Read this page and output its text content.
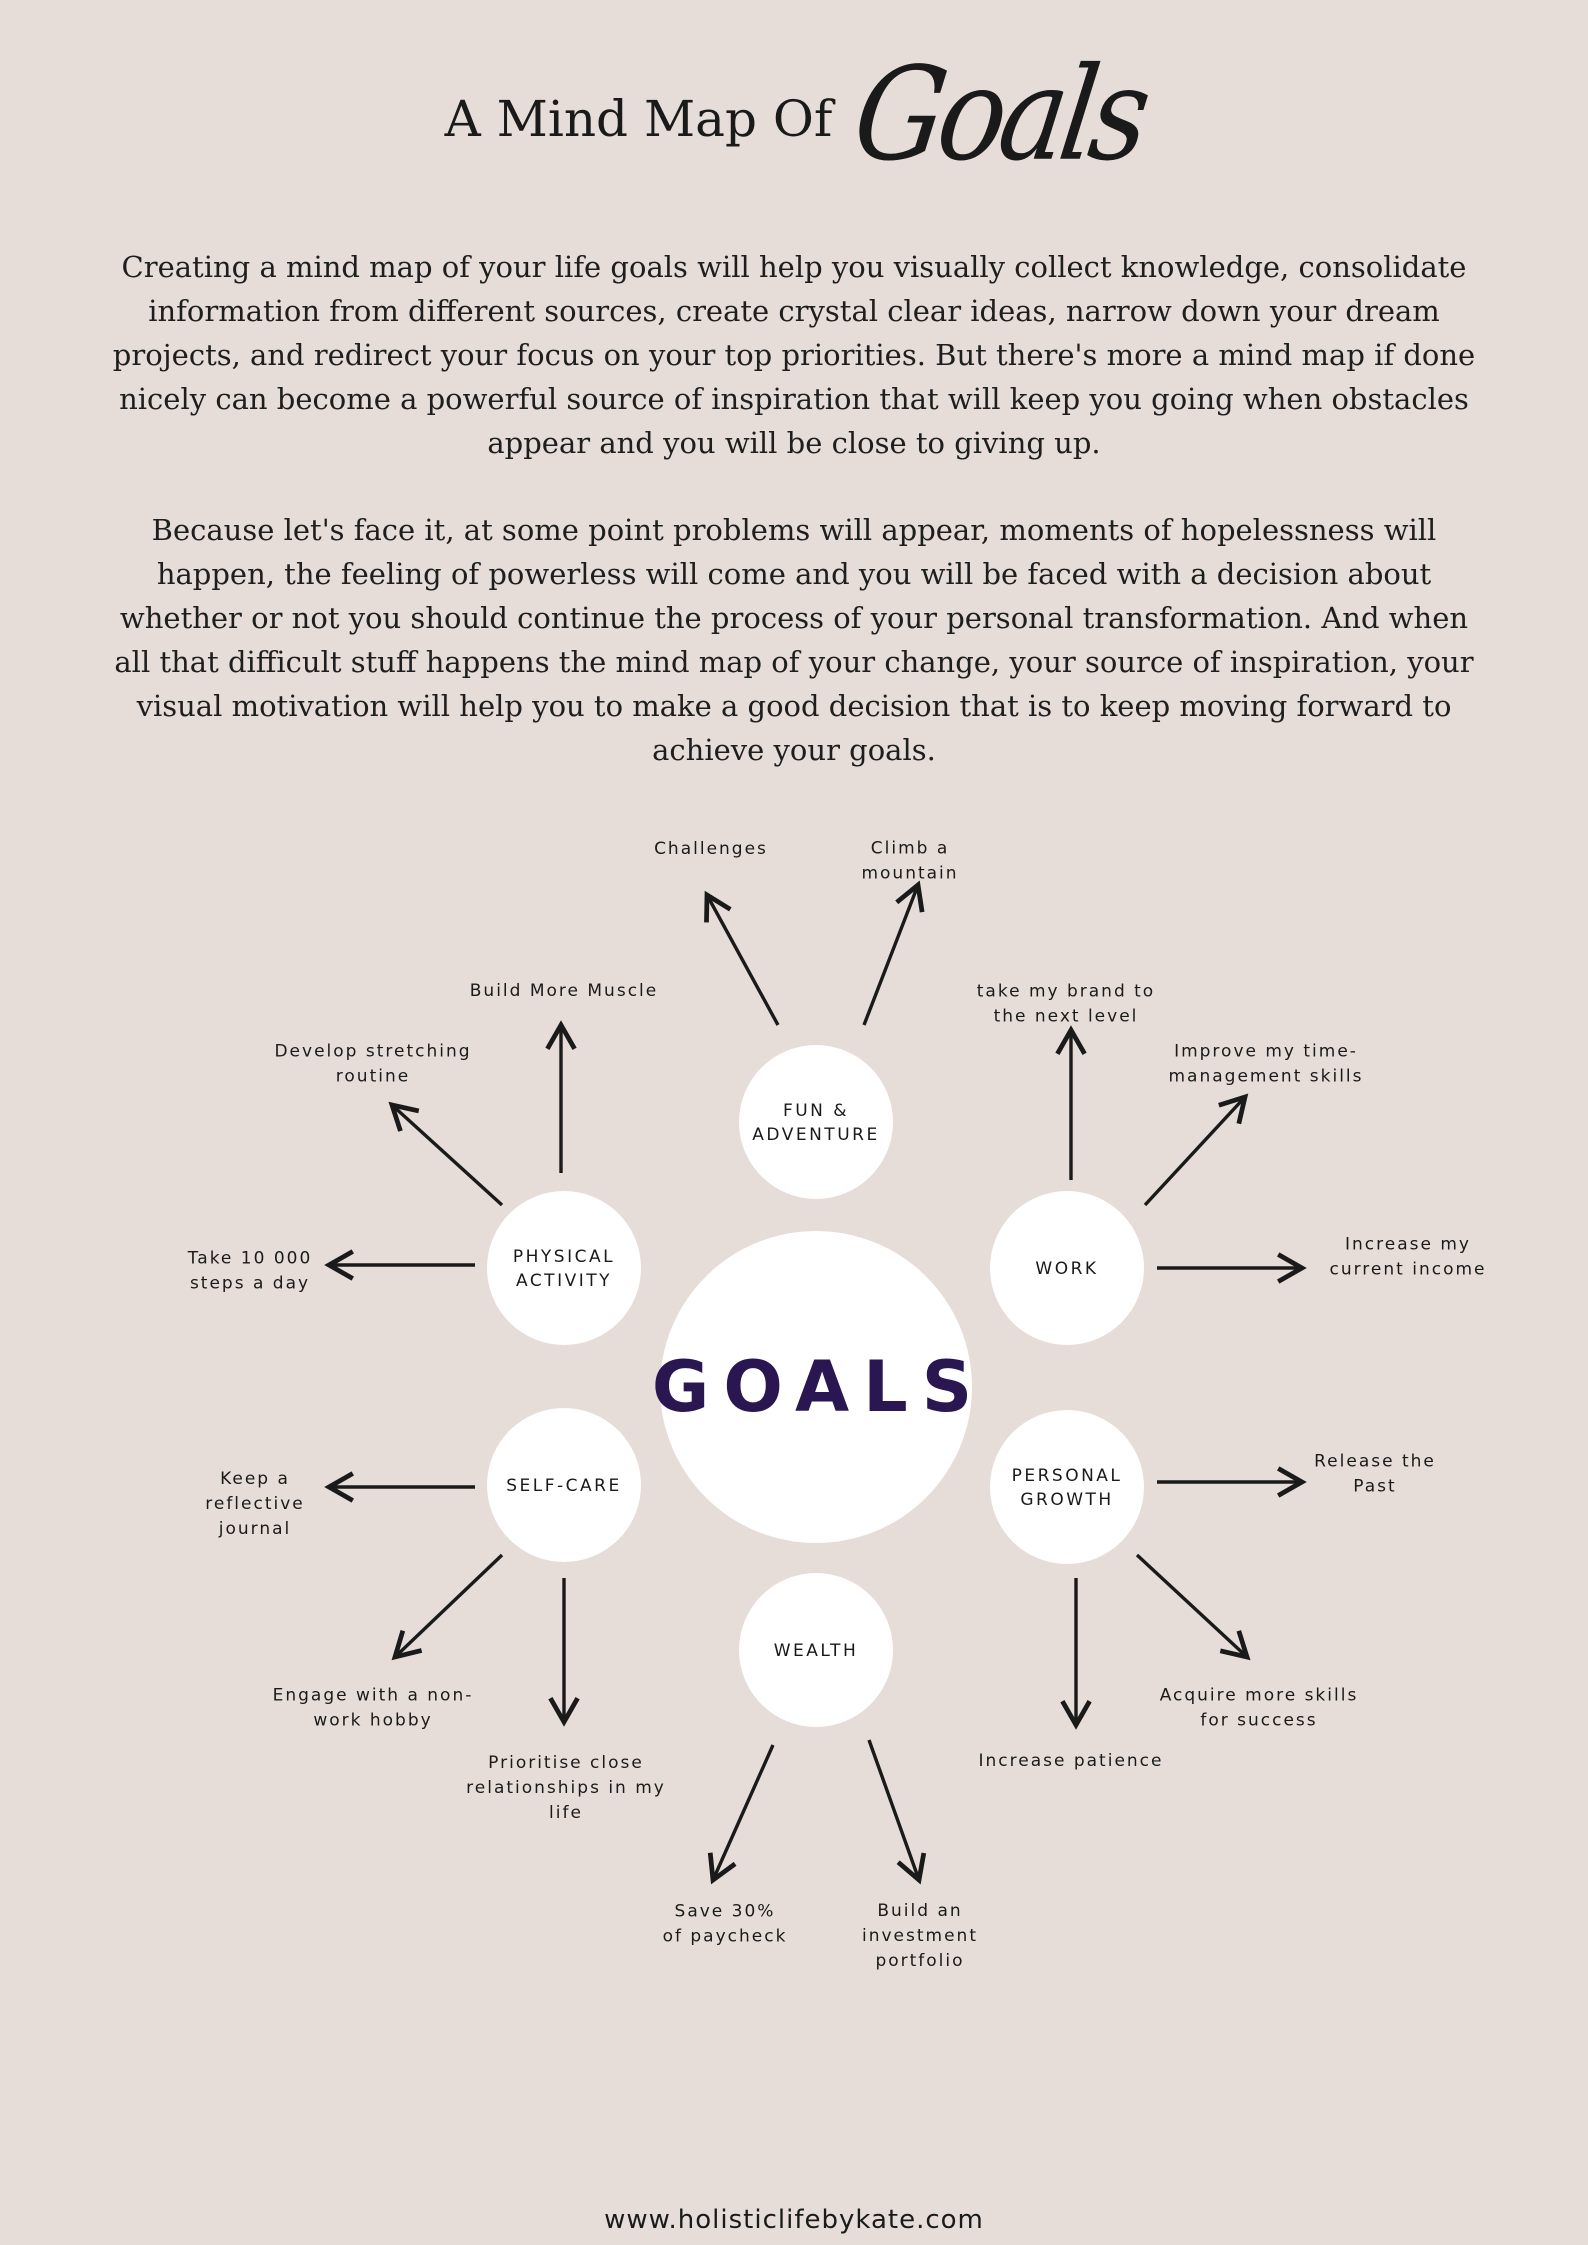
A Mind Map Of Goals

Creating a mind map of your life goals will help you visually collect knowledge, consolidate information from different sources, create crystal clear ideas, narrow down your dream projects, and redirect your focus on your top priorities. But there's more a mind map if done nicely can become a powerful source of inspiration that will keep you going when obstacles appear and you will be close to giving up.

Because let's face it, at some point problems will appear, moments of hopelessness will happen, the feeling of powerless will come and you will be faced with a decision about whether or not you should continue the process of your personal transformation. And when all that difficult stuff happens the mind map of your change, your source of inspiration, your visual motivation will help you to make a good decision that is to keep moving forward to achieve your goals.

GOALS
FUN & ADVENTURE
Challenges	Climb a mountain
WORK
take my brand to the next level
Improve my time-management skills
Increase my current income
PERSONAL GROWTH
Release the Past
Acquire more skills for success
Increase patience
WEALTH
Save 30% of paycheck
Build an investment portfolio
SELF-CARE
Keep a reflective journal
Engage with a non-work hobby
Prioritise close relationships in my life
PHYSICAL ACTIVITY
Take 10 000 steps a day
Develop stretching routine
Build More Muscle
www.holisticlifebykate.com
